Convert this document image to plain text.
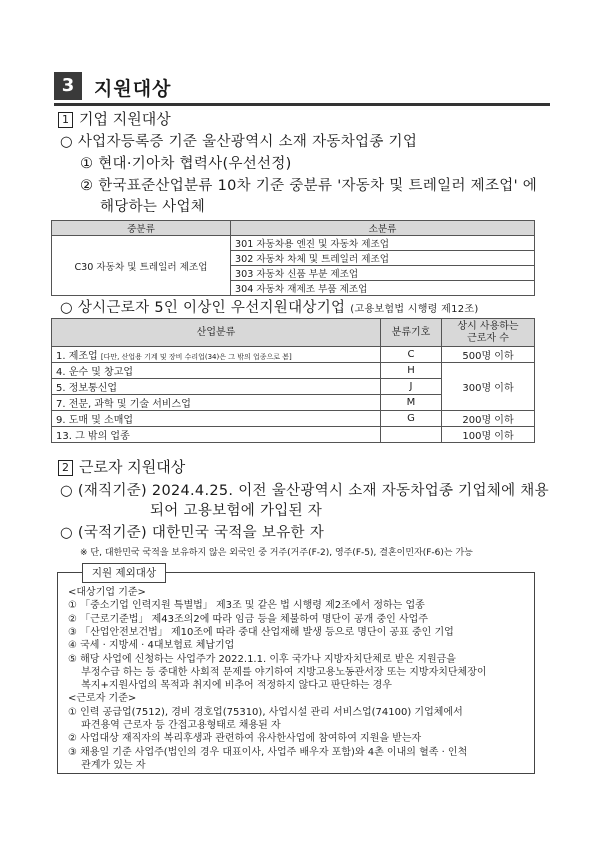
3	지원대상
1 기업 지원대상
○ 사업자등록증 기준 울산광역시 소재 자동차업종 기업
① 현대·기아차 협력사(우선선정)
② 한국표준산업분류 10차 기준 중분류 '자동차 및 트레일러 제조업' 에
해당하는 사업체
중분류	소분류
C30 자동차 및 트레일러 제조업	301 자동차용 엔진 및 자동차 제조업
	302 자동차 차체 및 트레일러 제조업
	303 자동차 신품 부분 제조업
	304 자동차 재제조 부품 제조업
○ 상시근로자 5인 이상인 우선지원대상기업 (고용보험법 시행령 제12조)
산업분류	분류기호	상시 사용하는
근로자 수
1. 제조업 [다만, 산업용 기계 및 장비 수리업(34)은 그 밖의 업종으로 봄]	C	500명 이하
4. 운수 및 창고업	H	300명 이하
5. 정보통신업	J	
7. 전문, 과학 및 기술 서비스업	M	
9. 도매 및 소매업	G	200명 이하
13. 그 밖의 업종		100명 이하
2 근로자 지원대상
○ (재직기준) 2024.4.25. 이전 울산광역시 소재 자동차업종 기업체에 채용
되어 고용보험에 가입된 자
○ (국적기준) 대한민국 국적을 보유한 자
※ 단, 대한민국 국적을 보유하지 않은 외국인 중 거주(거주(F-2), 영주(F-5), 결혼이민자(F-6)는 가능
지원 제외대상
<대상기업 기준>
① 「중소기업 인력지원 특별법」 제3조 및 같은 법 시행령 제2조에서 정하는 업종
② 「근로기준법」 제43조의2에 따라 임금 등을 체불하여 명단이 공개 중인 사업주
③ 「산업안전보건법」 제10조에 따라 중대 산업재해 발생 등으로 명단이 공표 중인 기업
④ 국세 · 지방세 · 4대보험료 체납기업
⑤ 해당 사업에 신청하는 사업주가 2022.1.1. 이후 국가나 지방자치단체로 받은 지원금을
  부정수급 하는 등 중대한 사회적 문제를 야기하여 지방고용노동관서장 또는 지방자치단체장이
  복지+지원사업의 목적과 취지에 비추어 적정하지 않다고 판단하는 경우
<근로자 기준>
① 인력 공급업(7512), 경비 경호업(75310), 사업시설 관리 서비스업(74100) 기업체에서
  파견용역 근로자 등 간접고용형태로 채용된 자
② 사업대상 재직자의 복리후생과 관련하여 유사한사업에 참여하여 지원을 받는자
③ 채용일 기준 사업주(법인의 경우 대표이사, 사업주 배우자 포함)와 4촌 이내의 혈족 · 인척
  관계가 있는 자
